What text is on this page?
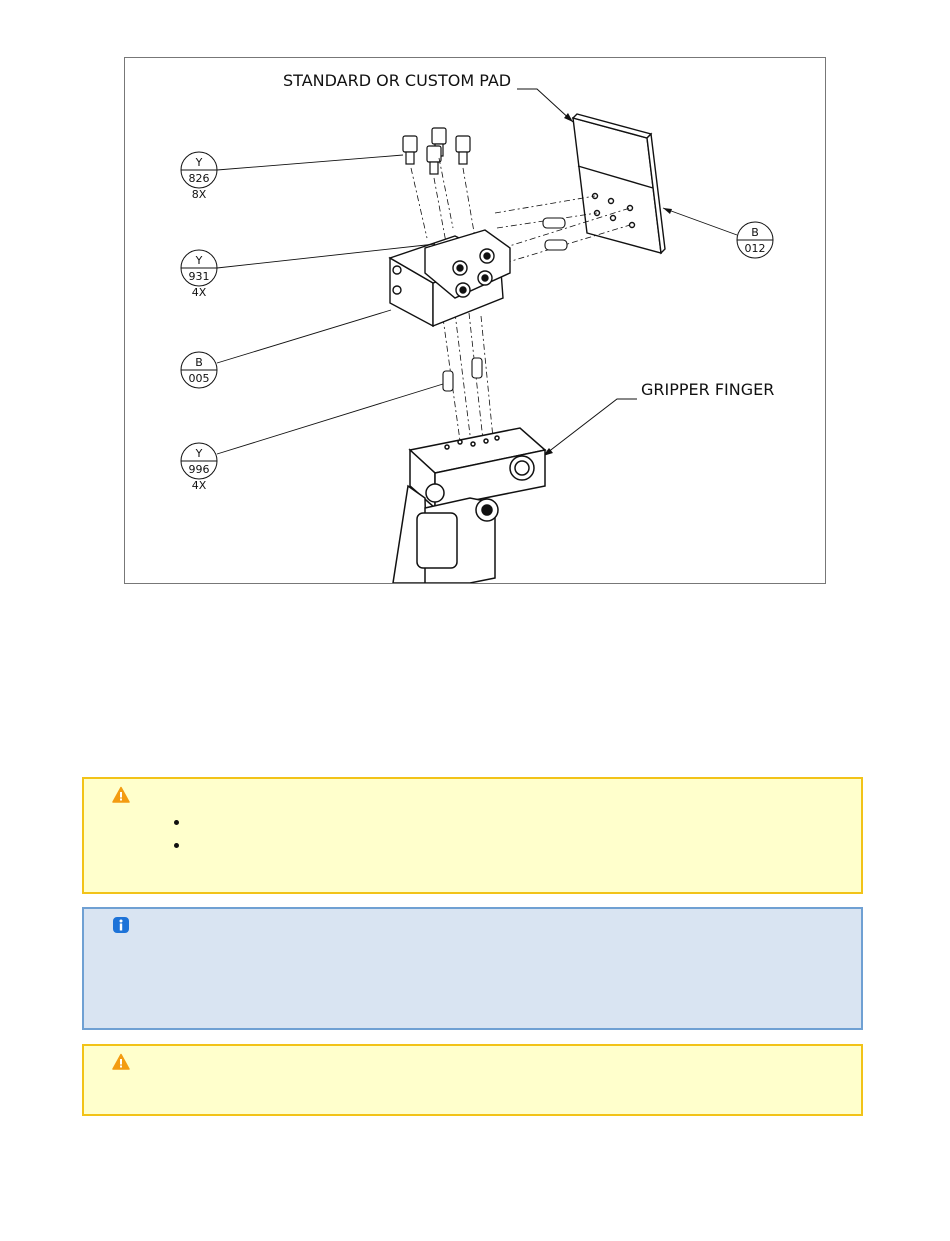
STANDARD OR CUSTOM PAD
GRIPPER FINGER
Y
826
8X
Y
931
4X
B
005
Y
996
4X
B
012
